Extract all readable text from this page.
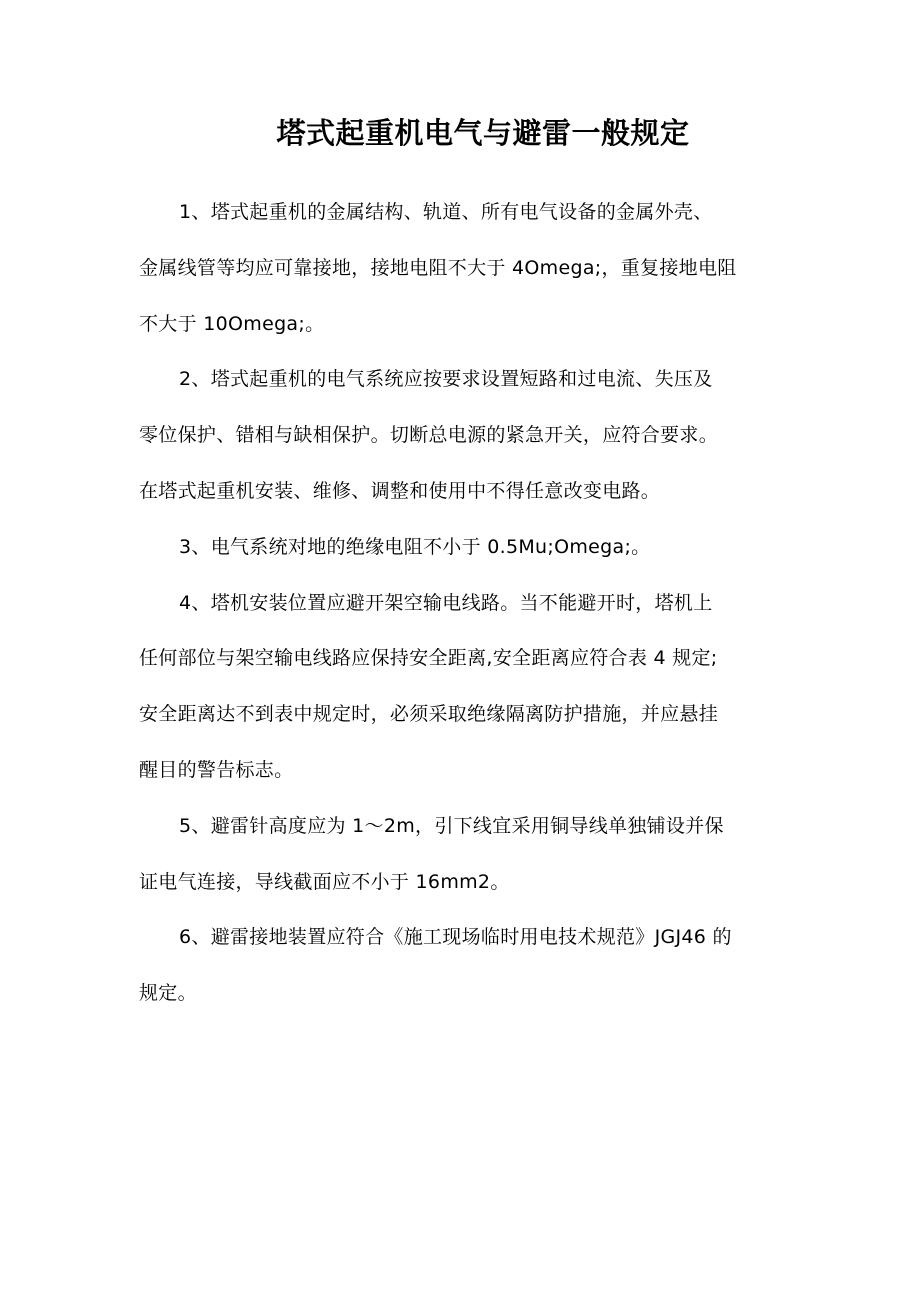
塔式起重机电气与避雷一般规定

1、塔式起重机的金属结构、轨道、所有电气设备的金属外壳、
金属线管等均应可靠接地，接地电阻不大于 4Omega;，重复接地电阻
不大于 10Omega;。

2、塔式起重机的电气系统应按要求设置短路和过电流、失压及
零位保护、错相与缺相保护。切断总电源的紧急开关，应符合要求。
在塔式起重机安装、维修、调整和使用中不得任意改变电路。

3、电气系统对地的绝缘电阻不小于 0.5Mu;Omega;。

4、塔机安装位置应避开架空输电线路。当不能避开时，塔机上
任何部位与架空输电线路应保持安全距离,安全距离应符合表 4 规定;
安全距离达不到表中规定时，必须采取绝缘隔离防护措施，并应悬挂
醒目的警告标志。

5、避雷针高度应为 1～2m，引下线宜采用铜导线单独铺设并保
证电气连接，导线截面应不小于 16mm2。

6、避雷接地装置应符合《施工现场临时用电技术规范》JGJ46 的
规定。
